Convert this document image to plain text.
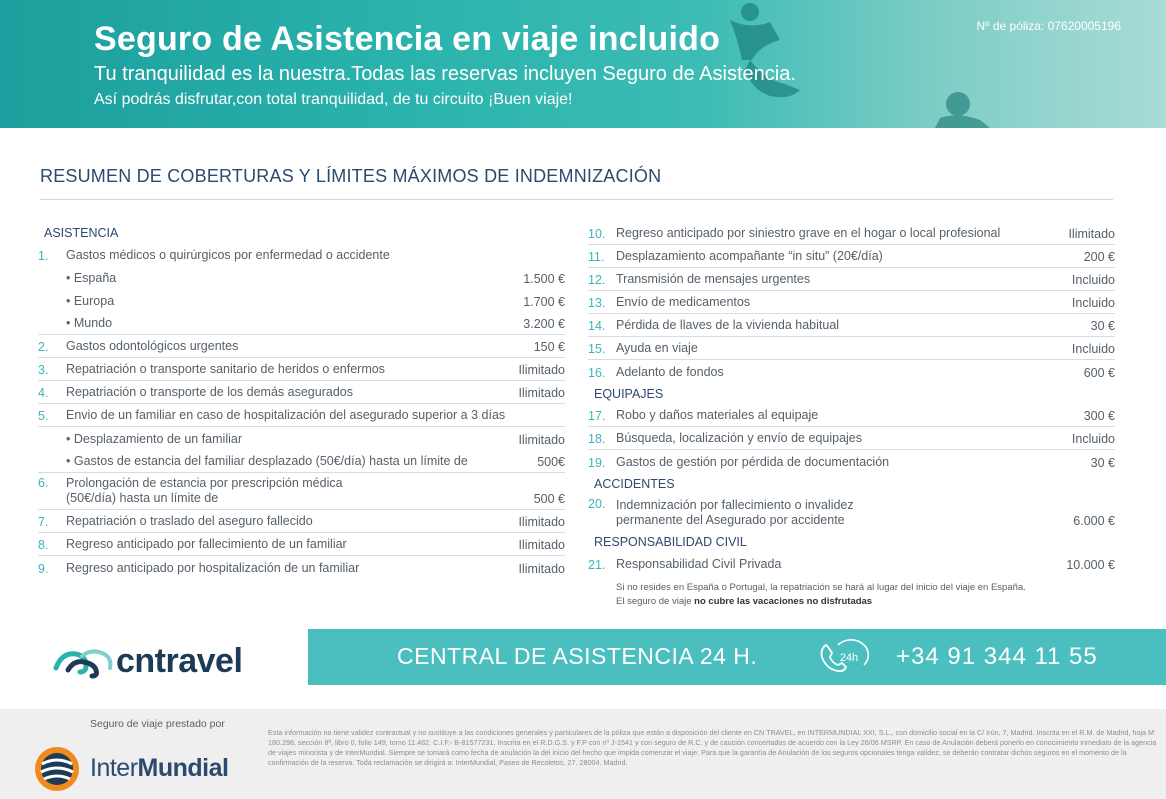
Seguro de Asistencia en viaje incluido
Tu tranquilidad es la nuestra.Todas las reservas incluyen Seguro de Asistencia.
Así podrás disfrutar,con total tranquilidad, de tu circuito ¡Buen viaje!
Nº de póliza: 07620005196
RESUMEN DE COBERTURAS Y LÍMITES MÁXIMOS DE INDEMNIZACIÓN
ASISTENCIA
1.	Gastos médicos o quirúrgicos por enfermedad o accidente
• España	1.500 €
• Europa	1.700 €
• Mundo	3.200 €
2.	Gastos odontológicos urgentes	150 €
3.	Repatriación o transporte sanitario de heridos o enfermos	Ilimitado
4.	Repatriación o transporte de los demás asegurados	Ilimitado
5.	Envio de un familiar en caso de hospitalización del asegurado superior a 3 días
• Desplazamiento de un familiar	Ilimitado
• Gastos de estancia del familiar desplazado (50€/día) hasta un límite de	500€
6.	Prolongación de estancia por prescripción médica
(50€/día) hasta un límite de	500 €
7.	Repatriación o traslado del aseguro fallecido	Ilimitado
8.	Regreso anticipado por fallecimiento de un familiar	Ilimitado
9.	Regreso anticipado por hospitalización de un familiar	Ilimitado
10. Regreso anticipado por siniestro grave en el hogar o local profesional	Ilimitado
11. Desplazamiento acompañante “in situ” (20€/día)	200 €
12. Transmisión de mensajes urgentes	Incluido
13. Envío de medicamentos	Incluido
14. Pérdida de llaves de la vivienda habitual	30 €
15. Ayuda en viaje	Incluido
16. Adelanto de fondos	600 €
EQUIPAJES
17. Robo y daños materiales al equipaje	300 €
18. Búsqueda, localización y envío de equipajes	Incluido
19. Gastos de gestión por pérdida de documentación	30 €
ACCIDENTES
20. Indemnización por fallecimiento o invalidez
permanente del Asegurado por accidente	6.000 €
RESPONSABILIDAD CIVIL
21. Responsabilidad Civil Privada	10.000 €
Si no resides en España o Portugal, la repatriación se hará al lugar del inicio del viaje en España.
El seguro de viaje no cubre las vacaciones no disfrutadas
cntravel	CENTRAL DE ASISTENCIA 24 H.	24h +34 91 344 11 55
Seguro de viaje prestado por
InterMundial
Esta información no tiene validez contractual y no sustituye a las condiciones generales y particulares de la póliza que están a disposición del cliente en CN TRAVEL, en INTERMUNDIAL XXI, S.L., con domicilio social en la C/ Irún, 7, Madrid. Inscrita en el R.M. de Madrid, hoja M 180.298, sección 8ª, libro 0, folio 149, tomo 11.482. C.I.F.- B-81577231. Inscrita en el R.D.G.S. y F.P con nº J-1541 y con seguro de R.C. y de caución concertados de acuerdo con la Ley 26/06 MSRP. En caso de Anulación deberá ponerlo en conocimiento inmediato de la agencia de viajes minorista y de InterMundial. Siempre se tomará como fecha de anulación la del inicio del hecho que impida comenzar el viaje. Para que la garantía de Anulación de los seguros opcionales tenga validez, se deberán contratar dichos seguros en el momento de la confirmación de la reserva. Toda reclamación se dirigirá a: InterMundial, Paseo de Recoletos, 27. 28004. Madrid.
